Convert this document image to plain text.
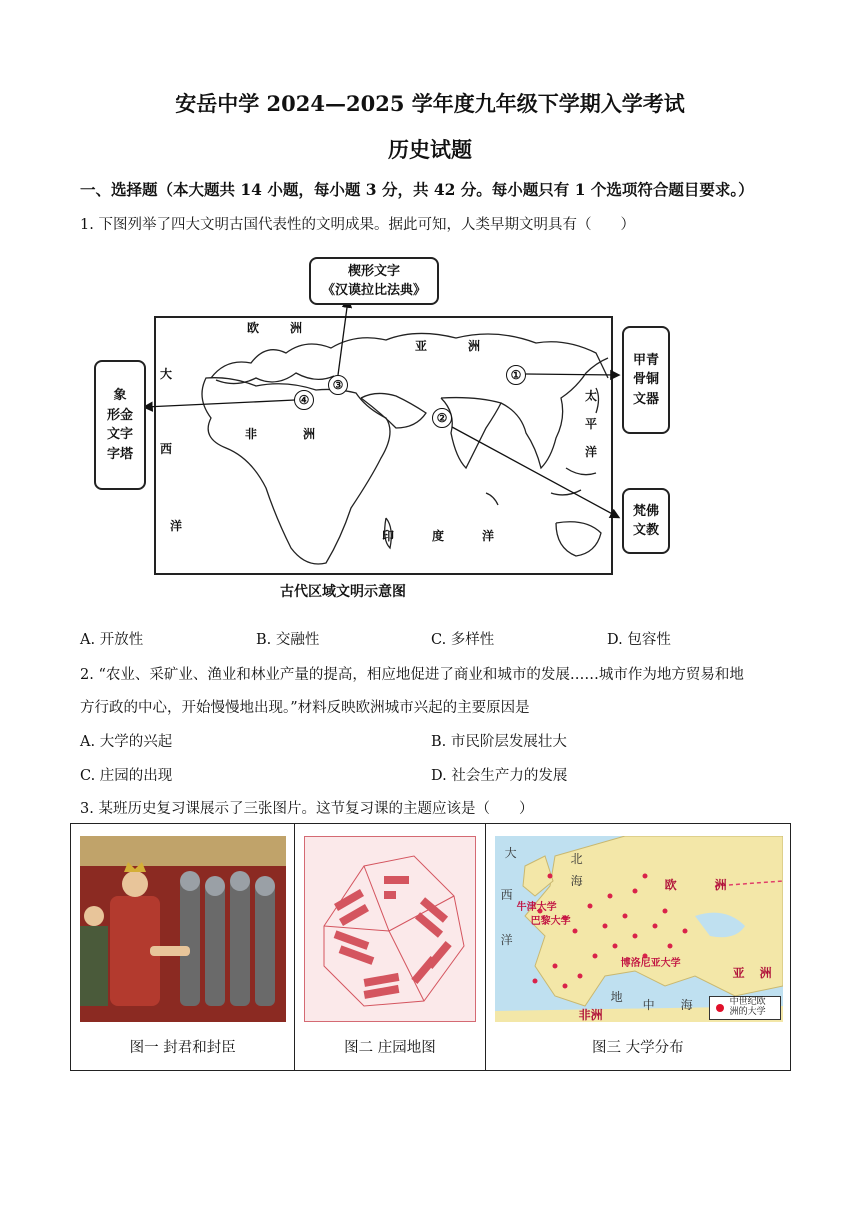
安岳中学 2024—2025 学年度九年级下学期入学考试
历史试题
一、选择题（本大题共 14 小题，每小题 3 分，共 42 分。每小题只有 1 个选项符合题目要求。）
1. 下图列举了四大文明古国代表性的文明成果。据此可知，人类早期文明具有（　　）
欧	洲
亚	洲
大
西
洋
非	洲
印	度	洋
太
平
洋
①
②
③
④
楔形文字
《汉谟拉比法典》
象
形金
文字
字塔
甲青
骨铜
文器
梵佛
文教
古代区域文明示意图
A. 开放性	B. 交融性	C. 多样性	D. 包容性
2. “农业、采矿业、渔业和林业产量的提高，相应地促进了商业和城市的发展……城市作为地方贸易和地
方行政的中心，开始慢慢地出现。”材料反映欧洲城市兴起的主要原因是
A. 大学的兴起	B. 市民阶层发展壮大
C. 庄园的出现	D. 社会生产力的发展
3. 某班历史复习课展示了三张图片。这节复习课的主题应该是（　　）
图一 封君和封臣	图二 庄园地图

大
西
洋
北
海	欧	洲
亚 洲
非洲
地
中 海
牛津大学
巴黎大学
博洛尼亚大学
中世纪欧
洲的大学
图三 大学分布
